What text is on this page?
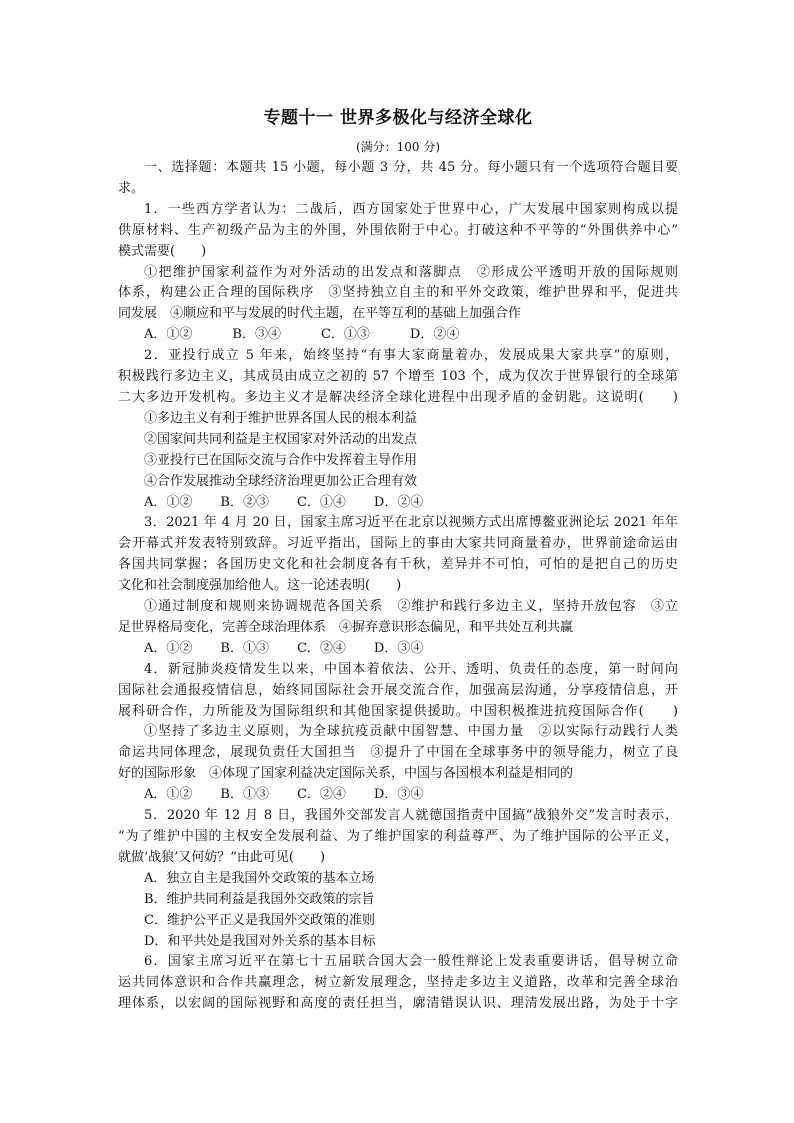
专题十一 世界多极化与经济全球化
(满分：100 分)
一、选择题：本题共 15 小题，每小题 3 分，共 45 分。每小题只有一个选项符合题目要
求。
1．一些西方学者认为：二战后，西方国家处于世界中心，广大发展中国家则构成以提
供原材料、生产初级产品为主的外围，外围依附于中心。打破这种不平等的“外围供养中心”
模式需要(　　)
①把维护国家利益作为对外活动的出发点和落脚点　②形成公平透明开放的国际规则
体系，构建公正合理的国际秩序　③坚持独立自主的和平外交政策，维护世界和平，促进共
同发展　④顺应和平与发展的时代主题，在平等互利的基础上加强合作
A．①②	B．③④	C．①③	D．②④
2．亚投行成立 5 年来，始终坚持“有事大家商量着办，发展成果大家共享”的原则，
积极践行多边主义，其成员由成立之初的 57 个增至 103 个，成为仅次于世界银行的全球第
二大多边开发机构。多边主义才是解决经济全球化进程中出现矛盾的金钥匙。这说明(　　)
①多边主义有利于维护世界各国人民的根本利益
②国家间共同利益是主权国家对外活动的出发点
③亚投行已在国际交流与合作中发挥着主导作用
④合作发展推动全球经济治理更加公正合理有效
A．①② B．②③ C．①④ D．②④
3．2021 年 4 月 20 日，国家主席习近平在北京以视频方式出席博鳌亚洲论坛 2021 年年
会开幕式并发表特别致辞。习近平指出，国际上的事由大家共同商量着办，世界前途命运由
各国共同掌握；各国历史文化和社会制度各有千秋，差异并不可怕，可怕的是把自己的历史
文化和社会制度强加给他人。这一论述表明(　　)
①通过制度和规则来协调规范各国关系　②维护和践行多边主义，坚持开放包容　③立
足世界格局变化，完善全球治理体系　④摒弃意识形态偏见，和平共处互利共赢
A．①② B．①③ C．②④ D．③④
4．新冠肺炎疫情发生以来，中国本着依法、公开、透明、负责任的态度，第一时间向
国际社会通报疫情信息，始终同国际社会开展交流合作，加强高层沟通，分享疫情信息，开
展科研合作，力所能及为国际组织和其他国家提供援助。中国积极推进抗疫国际合作(　　)
①坚持了多边主义原则，为全球抗疫贡献中国智慧、中国力量　②以实际行动践行人类
命运共同体理念，展现负责任大国担当　③提升了中国在全球事务中的领导能力，树立了良
好的国际形象　④体现了国家利益决定国际关系，中国与各国根本利益是相同的
A．①② B．①③ C．②④ D．③④
5．2020 年 12 月 8 日，我国外交部发言人就德国指责中国搞“战狼外交”发言时表示，
“为了维护中国的主权安全发展利益、为了维护国家的利益尊严、为了维护国际的公平正义，
就做‘战狼’又何妨？”由此可见(　　)
A．独立自主是我国外交政策的基本立场
B．维护共同利益是我国外交政策的宗旨
C．维护公平正义是我国外交政策的准则
D．和平共处是我国对外关系的基本目标
6．国家主席习近平在第七十五届联合国大会一般性辩论上发表重要讲话，倡导树立命
运共同体意识和合作共赢理念，树立新发展理念，坚持走多边主义道路，改革和完善全球治
理体系，以宏阔的国际视野和高度的责任担当，廓清错误认识、理清发展出路，为处于十字
